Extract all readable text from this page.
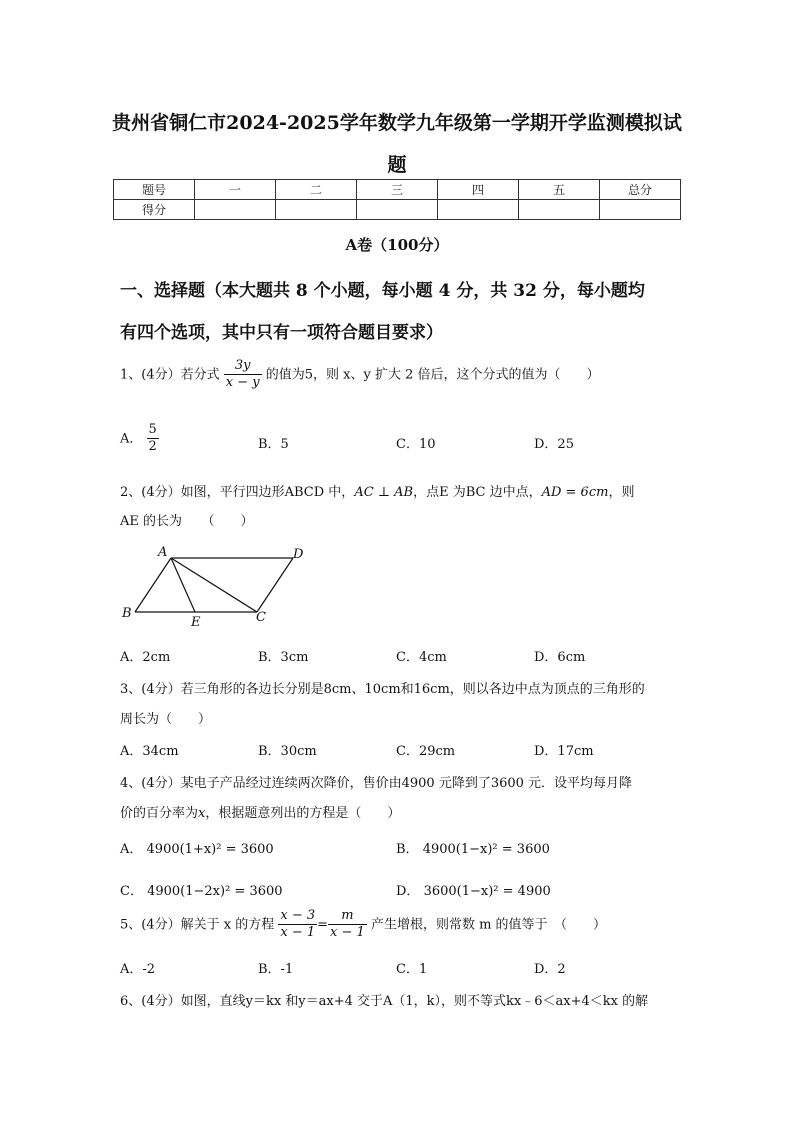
贵州省铜仁市2024-2025学年数学九年级第一学期开学监测模拟试
题
题号	一	二	三	四	五	总分
得分						
A卷（100分）
一、选择题（本大题共 8 个小题，每小题 4 分，共 32 分，每小题均
有四个选项，其中只有一项符合题目要求）
1、(4分）若分式 $\frac{3y}{x - y}$ 的值为5，则 x、y 扩大 2 倍后，这个分式的值为（　　）
A． $\frac{5}{2}$	B．5	C．10	D．25
2、(4分）如图，平行四边形ABCD 中，AC ⊥ AB，点E 为BC 边中点，AD = 6cm，则
AE 的长为　　（　　）
A	D
B
E	C
A．2cm	B．3cm	C．4cm	D．6cm
3、(4分）若三角形的各边长分别是8cm、10cm和16cm，则以各边中点为顶点的三角形的
周长为（　　）
A．34cm	B．30cm	C．29cm	D．17cm
4、(4分）某电子产品经过连续两次降价，售价由4900 元降到了3600 元．设平均每月降
价的百分率为x，根据题意列出的方程是（　　）
A． 4900(1+x)² = 3600	B． 4900(1−x)² = 3600
C． 4900(1−2x)² = 3600	D． 3600(1−x)² = 4900
5、(4分）解关于 x 的方程 $\frac{x - 3}{x - 1} = \frac{m}{x - 1}$ 产生增根，则常数 m 的值等于　（　　）
A．-2	B．-1	C．1	D．2
6、(4分）如图，直线y＝kx 和y＝ax+4 交于A（1，k），则不等式kx﹣6＜ax+4＜kx 的解
